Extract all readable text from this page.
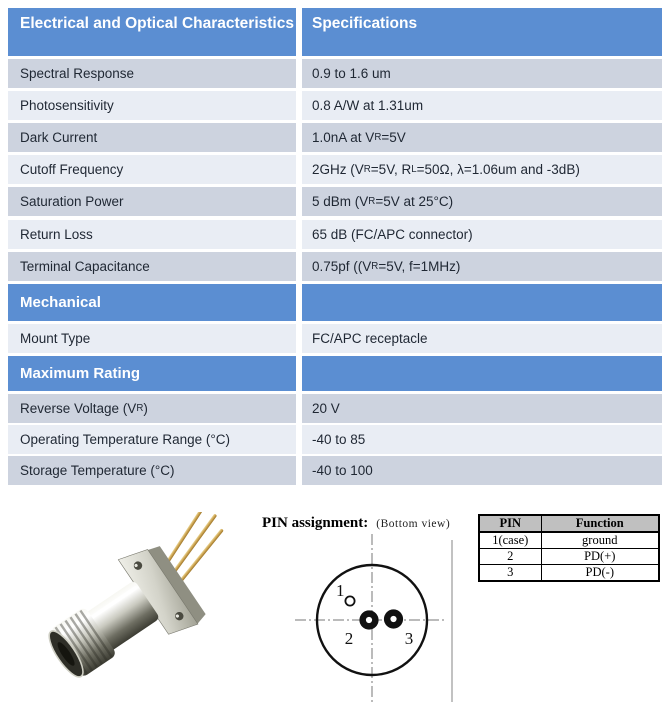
Electrical and Optical Characteristics	Specifications
Spectral Response	0.9 to 1.6 um
Photosensitivity	0.8 A/W at 1.31um
Dark Current	1.0nA at V R =5V
Cutoff Frequency	2GHz (V R =5V, R L =50Ω, λ=1.06um and -3dB)
Saturation Power	5 dBm (V R =5V at 25°C)
Return Loss	65 dB (FC/APC connector)
Terminal Capacitance	0.75pf ((V R =5V, f=1MHz)
Mechanical
Mount Type	FC/APC receptacle
Maximum Rating
Reverse Voltage (V R )	20 V
Operating Temperature Range (°C)	-40 to 85
Storage Temperature (°C)	-40 to 100
PIN assignment: (Bottom view)
1
2	3
PIN	Function
1(case)	ground
2	PD(+)
3	PD(-)
